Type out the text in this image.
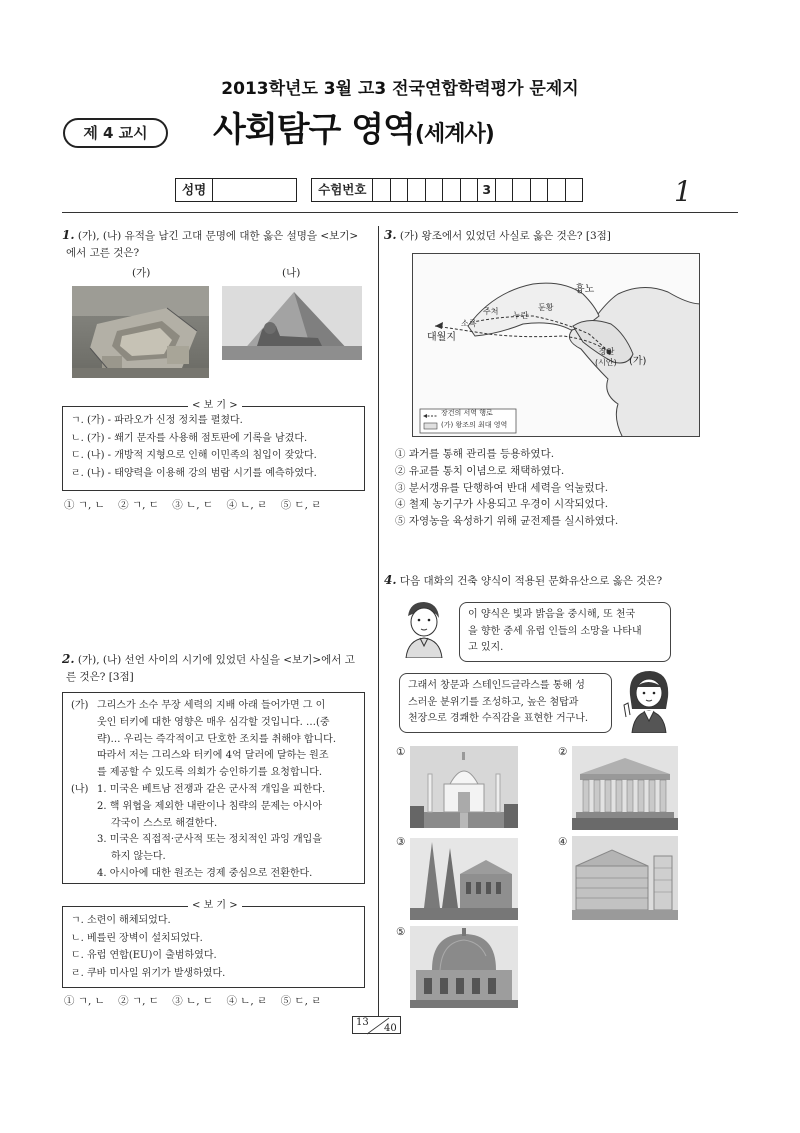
2013학년도 3월 고3 전국연합학력평가 문제지
제 4 교시	사회탐구 영역(세계사)
성명	수험번호	3	1
1. (가), (나) 유적을 남긴 고대 문명에 대한 옳은 설명을 <보기>
에서 고른 것은?
(가)	(나)
ㄱ. (가) - 파라오가 신정 정치를 펼쳤다.
ㄴ. (가) - 쐐기 문자를 사용해 점토판에 기록을 남겼다.
ㄷ. (나) - 개방적 지형으로 인해 이민족의 침입이 잦았다.
ㄹ. (나) - 태양력을 이용해 강의 범람 시기를 예측하였다.
< 보 기 >
① ㄱ, ㄴ    ② ㄱ, ㄷ    ③ ㄴ, ㄷ    ④ ㄴ, ㄹ    ⑤ ㄷ, ㄹ
2. (가), (나) 선언 사이의 시기에 있었던 사실을 <보기>에서 고
른 것은? [3점]
(가) 그리스가 소수 무장 세력의 지배 아래 들어가면 그 이
웃인 터키에 대한 영향은 매우 심각할 것입니다. …(중
략)… 우리는 즉각적이고 단호한 조치를 취해야 합니다.
따라서 저는 그리스와 터키에 4억 달러에 달하는 원조
를 제공할 수 있도록 의회가 승인하기를 요청합니다.
(나) 1. 미국은 베트남 전쟁과 같은 군사적 개입을 피한다.
2. 핵 위협을 제외한 내란이나 침략의 문제는 아시아
각국이 스스로 해결한다.
3. 미국은 직접적·군사적 또는 정치적인 과잉 개입을
하지 않는다.
4. 아시아에 대한 원조는 경제 중심으로 전환한다.
ㄱ. 소련이 해체되었다.
ㄴ. 베를린 장벽이 설치되었다.
ㄷ. 유럽 연합(EU)이 출범하였다.
ㄹ. 쿠바 미사일 위기가 발생하였다.
< 보 기 >
① ㄱ, ㄴ    ② ㄱ, ㄷ    ③ ㄴ, ㄷ    ④ ㄴ, ㄹ    ⑤ ㄷ, ㄹ
3. (가) 왕조에서 있었던 사실로 옳은 것은? [3점]
흉노
둔황
누란
주처
소륵
대월지
장안
(시안) (가)
장건의 서역 행로
(가) 왕조의 최대 영역
① 과거를 통해 관리를 등용하였다.
② 유교를 통치 이념으로 채택하였다.
③ 분서갱유를 단행하여 반대 세력을 억눌렀다.
④ 철제 농기구가 사용되고 우경이 시작되었다.
⑤ 자영농을 육성하기 위해 균전제를 실시하였다.
4. 다음 대화의 건축 양식이 적용된 문화유산으로 옳은 것은?
이 양식은 빛과 밝음을 중시해, 또 천국
을 향한 중세 유럽 인들의 소망을 나타내
고 있지.
그래서 창문과 스테인드글라스를 통해 성
스러운 분위기를 조성하고, 높은 첨탑과
천장으로 경쾌한 수직감을 표현한 거구나.
①	②
③	④
⑤
13
40
